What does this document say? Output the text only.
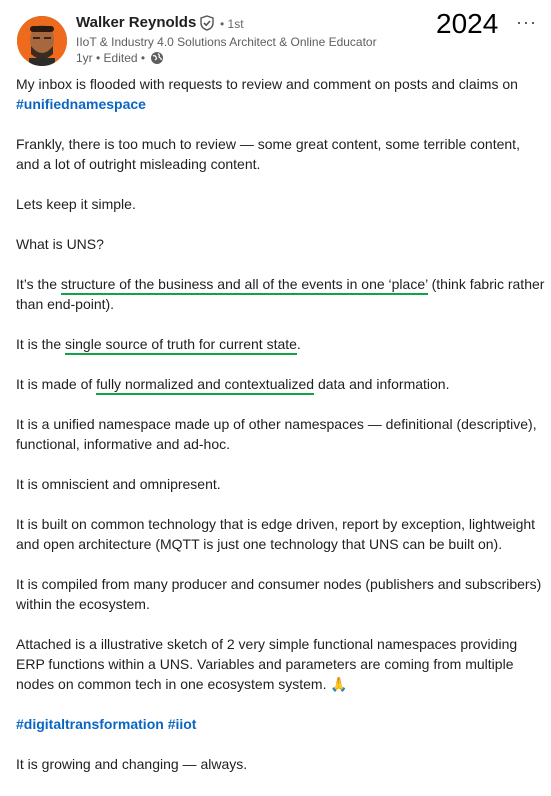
Walker Reynolds • 1st
IIoT & Industry 4.0 Solutions Architect & Online Educator
1yr • Edited •
2024 ···

My inbox is flooded with requests to review and comment on posts and claims on #unifiednamespace

Frankly, there is too much to review — some great content, some terrible content, and a lot of outright misleading content.

Lets keep it simple.

What is UNS?

It’s the structure of the business and all of the events in one ‘place’ (think fabric rather than end-point).

It is the single source of truth for current state.

It is made of fully normalized and contextualized data and information.

It is a unified namespace made up of other namespaces — definitional (descriptive), functional, informative and ad-hoc.

It is omniscient and omnipresent.

It is built on common technology that is edge driven, report by exception, lightweight and open architecture (MQTT is just one technology that UNS can be built on).

It is compiled from many producer and consumer nodes (publishers and subscribers) within the ecosystem.

Attached is a illustrative sketch of 2 very simple functional namespaces providing ERP functions within a UNS. Variables and parameters are coming from multiple nodes on common tech in one ecosystem system. 🙏

#digitaltransformation #iiot

It is growing and changing — always.
